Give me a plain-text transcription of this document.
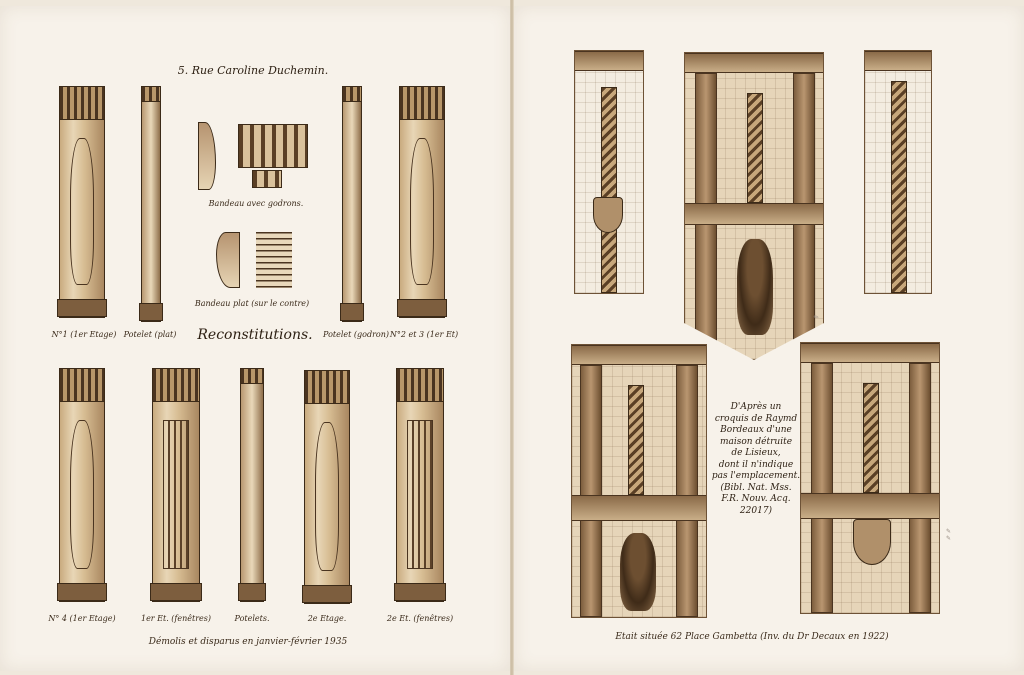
5. Rue Caroline Duchemin.
Bandeau avec godrons.
Bandeau plat (sur le contre)
N°1 (1er Etage) Potelet (plat) Reconstitutions. Potelet (godron) N°2 et 3 (1er Et)
N° 4 (1er Etage)	1er Et. (fenêtres)	Potelets.	2e Etage.	2e Et. (fenêtres)
Démolis et disparus en janvier-février 1935
✎
D'Après un
croquis de Raymd
Bordeaux d'une
maison détruite
de Lisieux,
dont il n'indique
pas l'emplacement.
(Bibl. Nat. Mss.
F.R. Nouv. Acq. 22017)
✎
✎
Etait située 62 Place Gambetta (Inv. du Dr Decaux en 1922)
